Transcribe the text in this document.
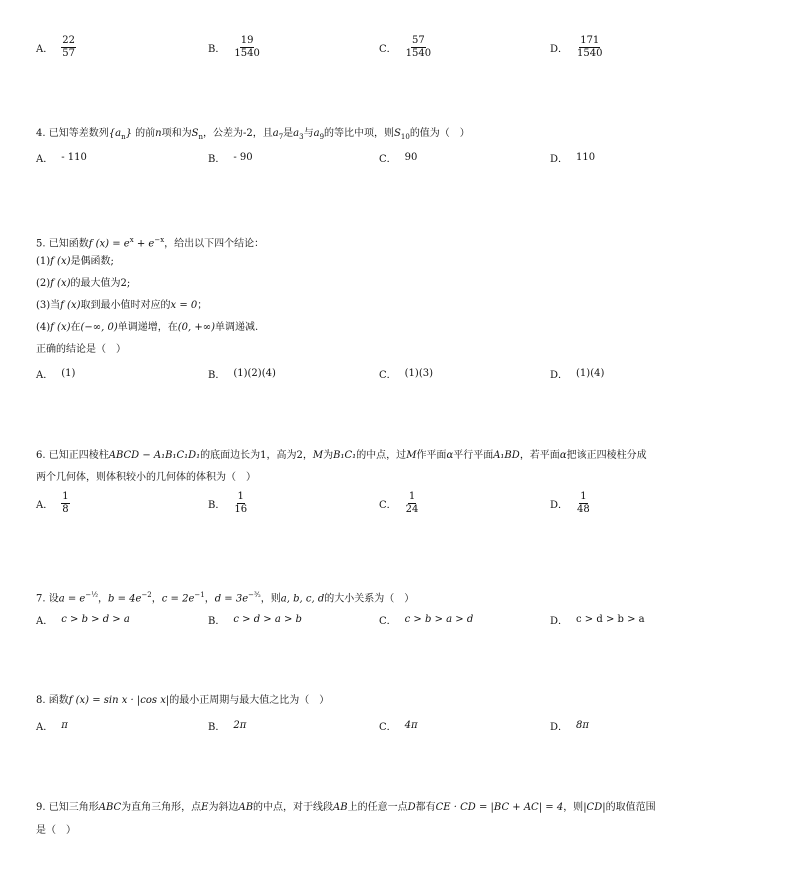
A． $\frac{22}{57}$	B． $\frac{19}{1540}$	C． $\frac{57}{1540}$	D． $\frac{171}{1540}$
4. 已知等差数列$\{a_n\}$ 的前n项和为$S_n$，公差为-2，且$a_7$是$a_3$与$a_9$的等比中项，则$S_{10}$的值为（　）
A． - 110	B． - 90	C． 90	D． 110
5. 已知函数f $(x) = e^x + e^{-x}$，给出以下四个结论：
(1)f (x)是偶函数;
(2)f (x)的最大值为2;
(3)当f (x)取到最小值时对应的x = 0；
(4)f (x)在(−∞, 0)单调递增，在(0, +∞)单调递减.
正确的结论是（　）
A． (1)	B． (1)(2)(4)	C． (1)(3)	D． (1)(4)
6. 已知正四棱柱ABCD − A₁B₁C₁D₁的底面边长为1，高为2，M为B₁C₁的中点，过M作平面α平行平面A₁BD，若平面α把该正四棱柱分成
两个几何体，则体积较小的几何体的体积为（　）
A． $\frac{1}{8}$	B． $\frac{1}{16}$	C． $\frac{1}{24}$	D． $\frac{1}{48}$
7. 设$a = e^{-\frac{1}{2}}$，$b = 4e^{-2}$，$c = 2e^{-1}$，$d = 3e^{-^3⁄_2}$，则a, b, c, d的大小关系为（　）
A． c > b > d > a	B． c > d > a > b	C． c > b > a > d	D． c > d > b > a
8. 函数f (x) = sin x · |cos x|的最小正周期与最大值之比为（　）
A． π	B． 2π	C． 4π	D． 8π
9. 已知三角形ABC为直角三角形，点E为斜边AB的中点，对于线段AB上的任意一点D都有CE · CD = |BC + AC| = 4，则|CD|的取值范围
是（　）
